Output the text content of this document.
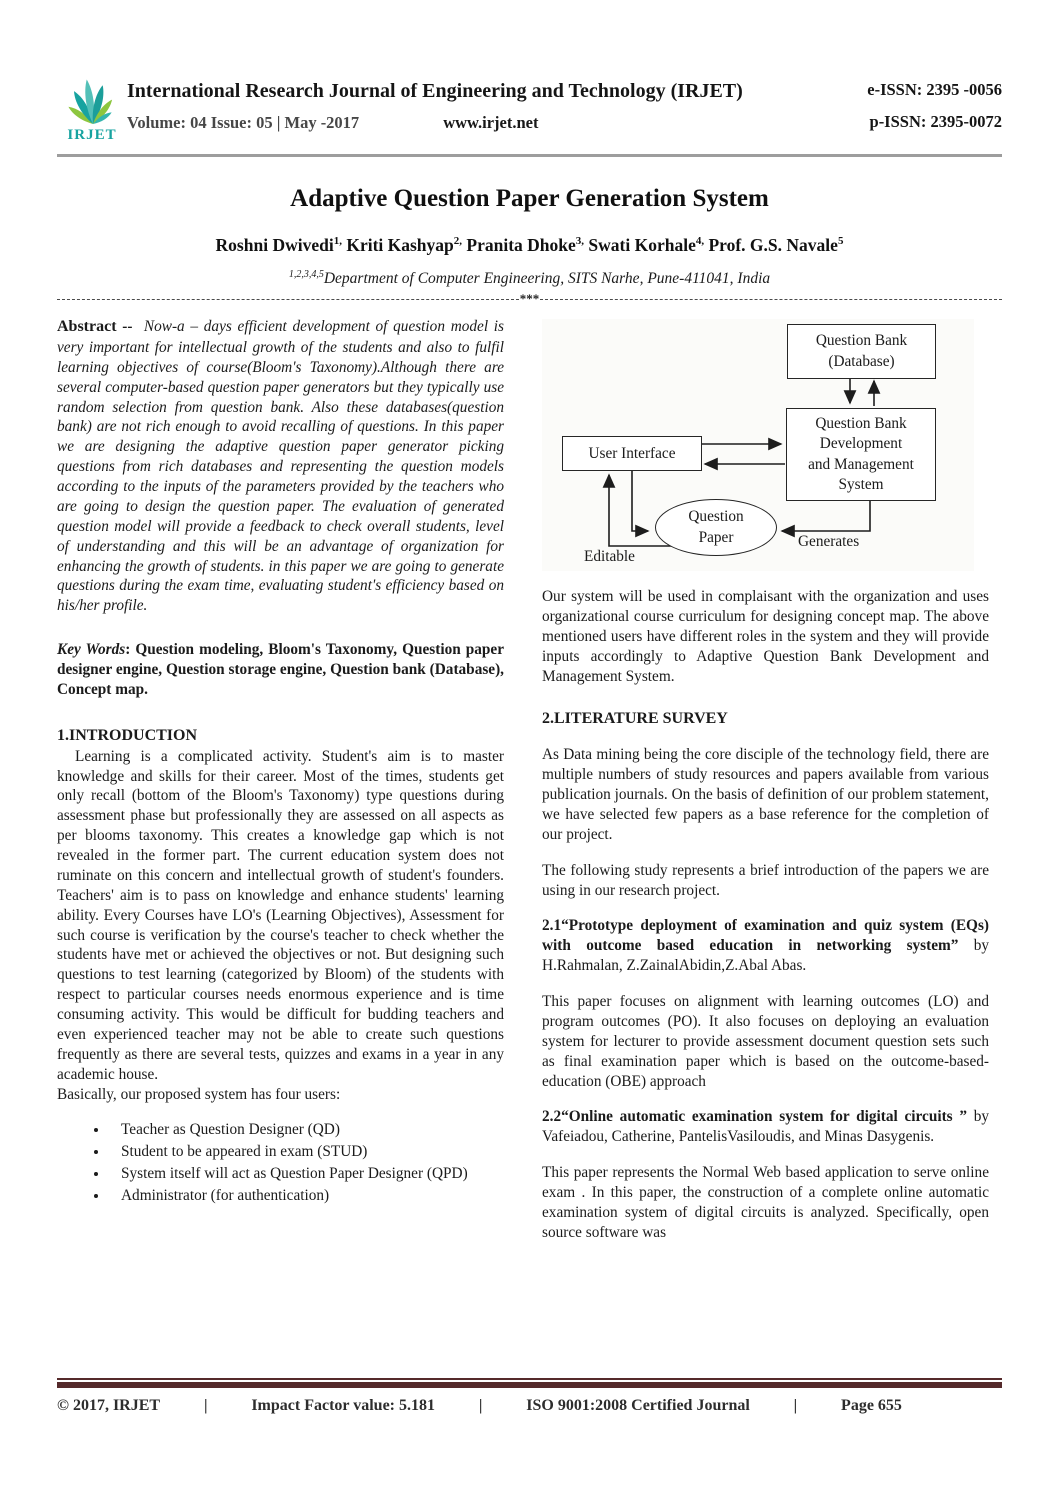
IRJET
International Research Journal of Engineering and Technology (IRJET)
Volume: 04 Issue: 05 | May -2017	www.irjet.net
e-ISSN: 2395 -0056
p-ISSN: 2395-0072
Adaptive Question Paper Generation System
Roshni Dwivedi$^{1,}$ Kriti Kashyap$^{2,}$ Pranita Dhoke$^{3,}$ Swati Korhale$^{4,}$ Prof. G.S. Navale$^5$
$^{1,2,3,4,5}$Department of Computer Engineering, SITS Narhe, Pune-411041, India
***

Abstract -- Now-a – days efficient development of question model is very important for intellectual growth of the students and also to fulfil learning objectives of course(Bloom's Taxonomy).Although there are several computer-based question paper generators but they typically use random selection from question bank. Also these databases(question bank) are not rich enough to avoid recalling of questions. In this paper we are designing the adaptive question paper generator picking questions from rich databases and representing the question models according to the inputs of the parameters provided by the teachers who are going to design the question paper. The evaluation of generated question model will provide a feedback to check overall students, level of understanding and this will be an advantage of organization for enhancing the growth of students. in this paper we are going to generate questions during the exam time, evaluating student's efficiency based on his/her profile.

Key Words: Question modeling, Bloom's Taxonomy, Question paper designer engine, Question storage engine, Question bank (Database), Concept map.

1.INTRODUCTION

Learning is a complicated activity. Student's aim is to master knowledge and skills for their career. Most of the times, students get only recall (bottom of the Bloom's Taxonomy) type questions during assessment phase but professionally they are assessed on all aspects as per blooms taxonomy. This creates a knowledge gap which is not revealed in the former part. The current education system does not ruminate on this concern and intellectual growth of student's founders. Teachers' aim is to pass on knowledge and enhance students' learning ability. Every Courses have LO's (Learning Objectives), Assessment for such course is verification by the course's teacher to check whether the students have met or achieved the objectives or not. But designing such questions to test learning (categorized by Bloom) of the students with respect to particular courses needs enormous experience and is time consuming activity. This would be difficult for budding teachers and even experienced teacher may not be able to create such questions frequently as there are several tests, quizzes and exams in a year in any academic house.

Basically, our proposed system has four users:

• Teacher as Question Designer (QD)
• Student to be appeared in exam (STUD)
• System itself will act as Question Paper Designer (QPD)
• Administrator (for authentication)
Question Bank
(Database)
Question Bank
Development
and Management
System
User Interface
Question
Paper
Editable
Generates

Our system will be used in complaisant with the organization and uses organizational course curriculum for designing concept map. The above mentioned users have different roles in the system and they will provide inputs accordingly to Adaptive Question Bank Development and Management System.

2.LITERATURE SURVEY

As Data mining being the core disciple of the technology field, there are multiple numbers of study resources and papers available from various publication journals. On the basis of definition of our problem statement, we have selected few papers as a base reference for the completion of our project.

The following study represents a brief introduction of the papers we are using in our research project.

2.1“Prototype deployment of examination and quiz system (EQs) with outcome based education in networking system” by H.Rahmalan, Z.ZainalAbidin,Z.Abal Abas.

This paper focuses on alignment with learning outcomes (LO) and program outcomes (PO). It also focuses on deploying an evaluation system for lecturer to provide assessment document question sets such as final examination paper which is based on the outcome-based-education (OBE) approach

2.2“Online automatic examination system for digital circuits ” by Vafeiadou, Catherine, PantelisVasiloudis, and Minas Dasygenis.

This paper represents the Normal Web based application to serve online exam . In this paper, the construction of a complete online automatic examination system of digital circuits is analyzed. Specifically, open source software was

© 2017, IRJET	|	Impact Factor value: 5.181	|	ISO 9001:2008 Certified Journal	|	Page 655
